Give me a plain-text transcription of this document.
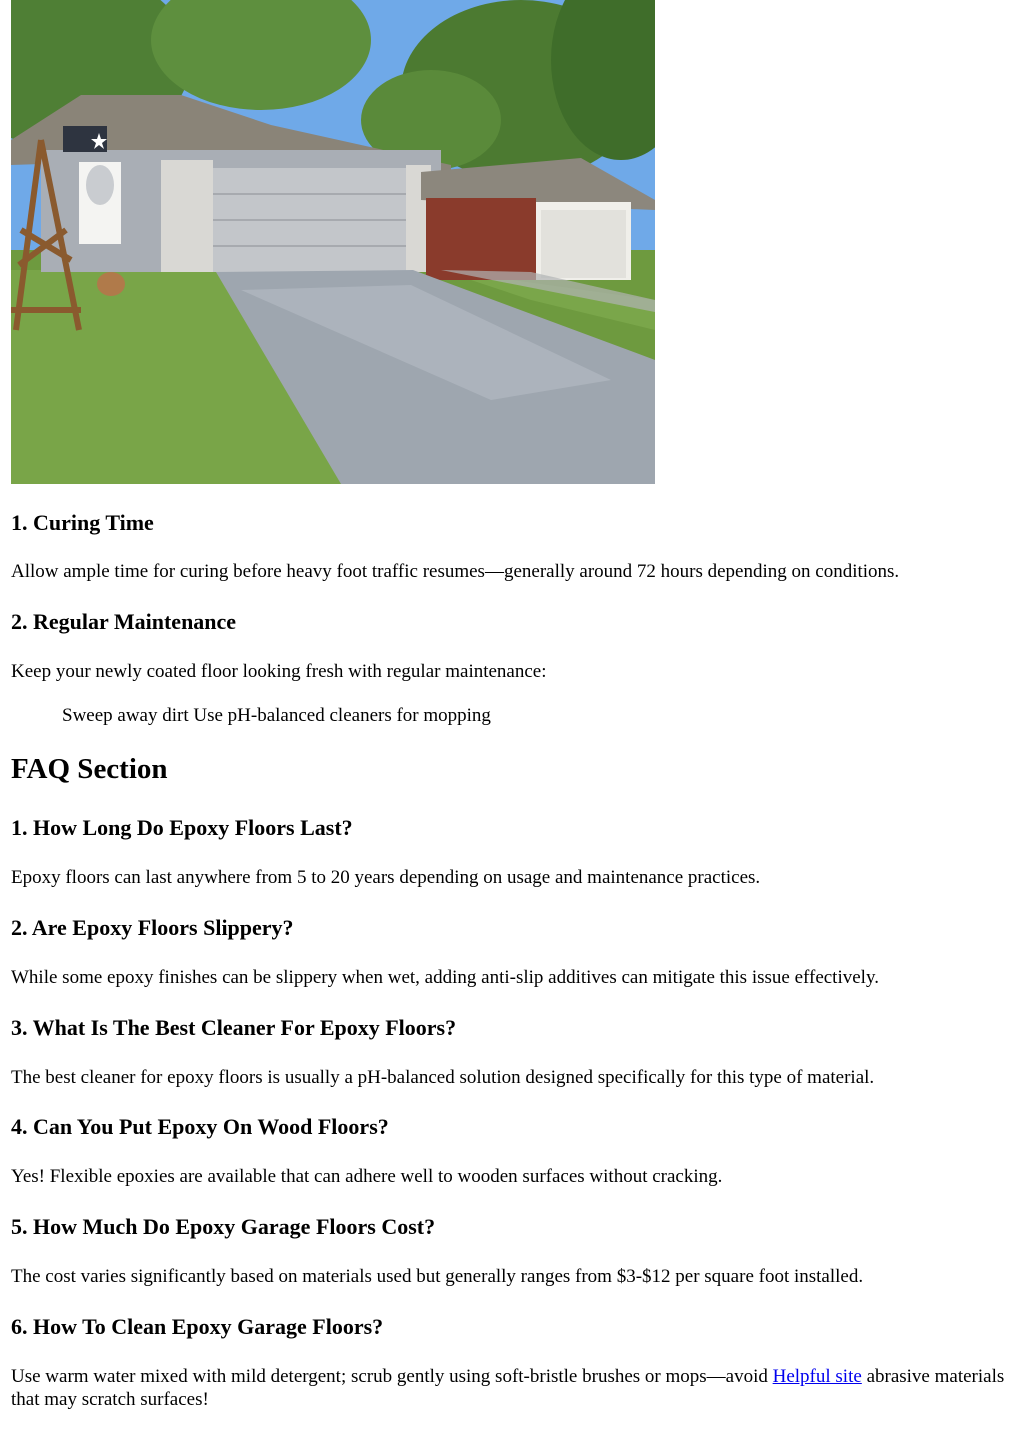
1. Curing Time

Allow ample time for curing before heavy foot traffic resumes—generally around 72 hours depending on conditions.

2. Regular Maintenance

Keep your newly coated floor looking fresh with regular maintenance:

Sweep away dirt Use pH-balanced cleaners for mopping

FAQ Section
1. How Long Do Epoxy Floors Last?

Epoxy floors can last anywhere from 5 to 20 years depending on usage and maintenance practices.

2. Are Epoxy Floors Slippery?

While some epoxy finishes can be slippery when wet, adding anti-slip additives can mitigate this issue effectively.

3. What Is The Best Cleaner For Epoxy Floors?

The best cleaner for epoxy floors is usually a pH-balanced solution designed specifically for this type of material.

4. Can You Put Epoxy On Wood Floors?

Yes! Flexible epoxies are available that can adhere well to wooden surfaces without cracking.

5. How Much Do Epoxy Garage Floors Cost?

The cost varies significantly based on materials used but generally ranges from $3-$12 per square foot installed.

6. How To Clean Epoxy Garage Floors?

Use warm water mixed with mild detergent; scrub gently using soft-bristle brushes or mops—avoid Helpful site abrasive materials that may scratch surfaces!
